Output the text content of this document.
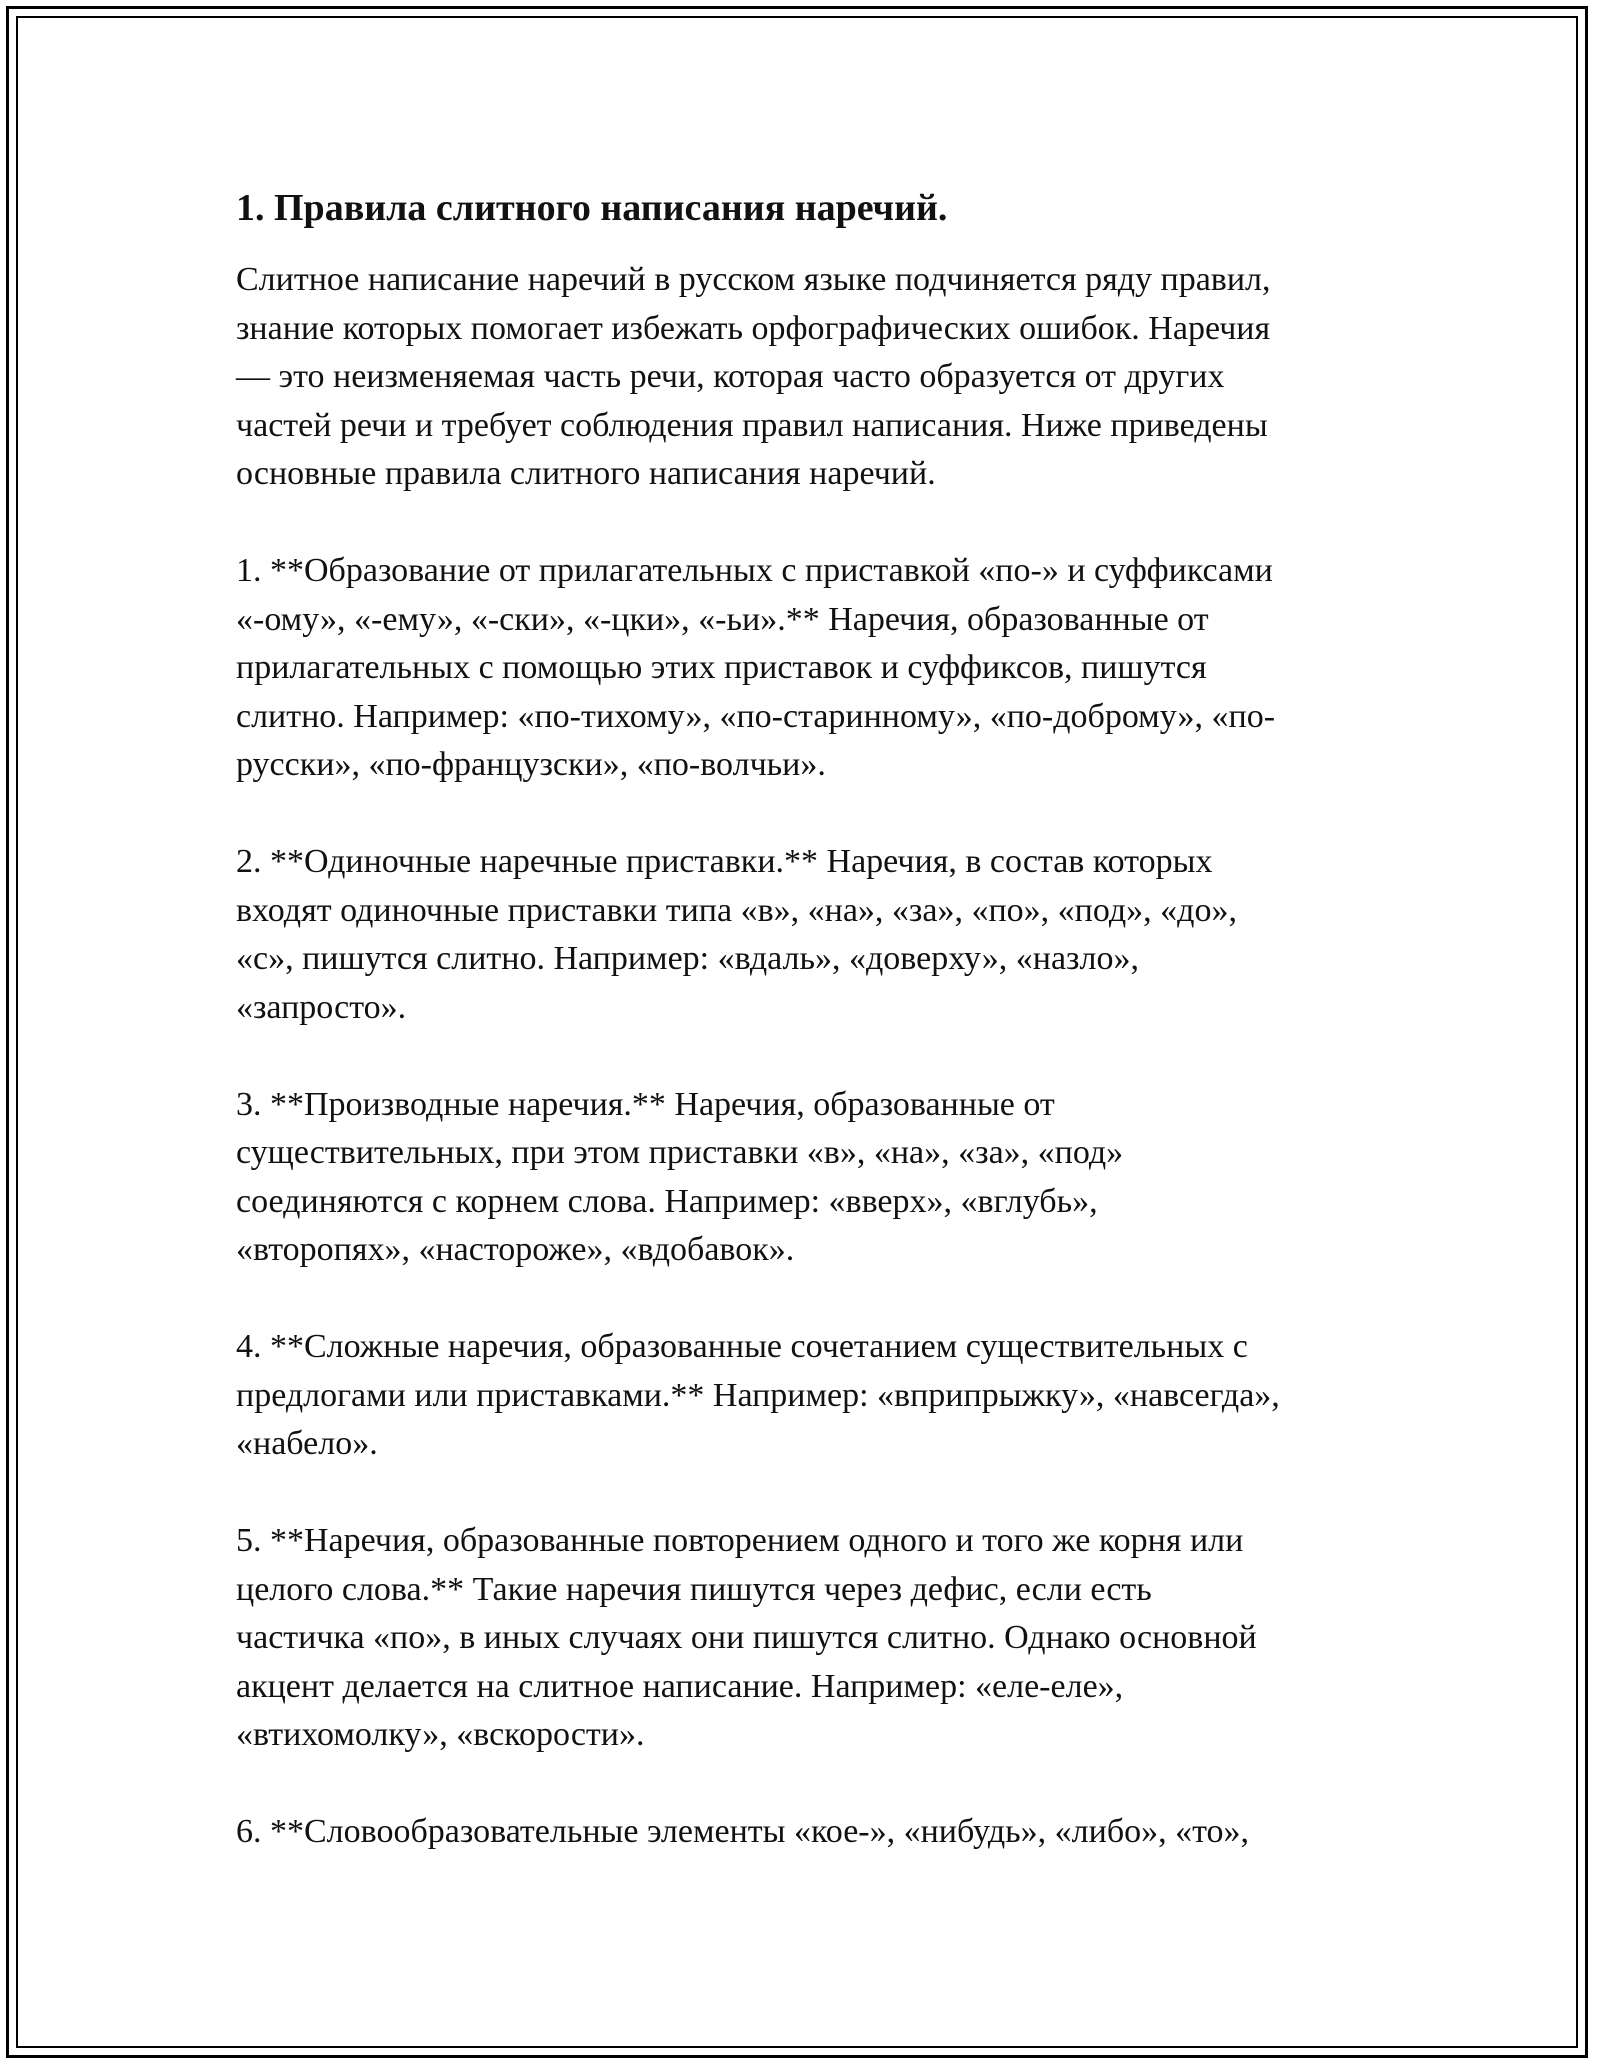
1. Правила слитного написания наречий.

Слитное написание наречий в русском языке подчиняется ряду правил,
знание которых помогает избежать орфографических ошибок. Наречия
— это неизменяемая часть речи, которая часто образуется от других
частей речи и требует соблюдения правил написания. Ниже приведены
основные правила слитного написания наречий.

1. **Образование от прилагательных с приставкой «по-» и суффиксами
«-ому», «-ему», «-ски», «-цки», «-ьи».** Наречия, образованные от
прилагательных с помощью этих приставок и суффиксов, пишутся
слитно. Например: «по-тихому», «по-старинному», «по-доброму», «по-
русски», «по-французски», «по-волчьи».

2. **Одиночные наречные приставки.** Наречия, в состав которых
входят одиночные приставки типа «в», «на», «за», «по», «под», «до»,
«с», пишутся слитно. Например: «вдаль», «доверху», «назло»,
«запросто».

3. **Производные наречия.** Наречия, образованные от
существительных, при этом приставки «в», «на», «за», «под»
соединяются с корнем слова. Например: «вверх», «вглубь»,
«второпях», «настороже», «вдобавок».

4. **Сложные наречия, образованные сочетанием существительных с
предлогами или приставками.** Например: «вприпрыжку», «навсегда»,
«набело».

5. **Наречия, образованные повторением одного и того же корня или
целого слова.** Такие наречия пишутся через дефис, если есть
частичка «по», в иных случаях они пишутся слитно. Однако основной
акцент делается на слитное написание. Например: «еле-еле»,
«втихомолку», «вскорости».

6. **Словообразовательные элементы «кое-», «нибудь», «либо», «то»,
